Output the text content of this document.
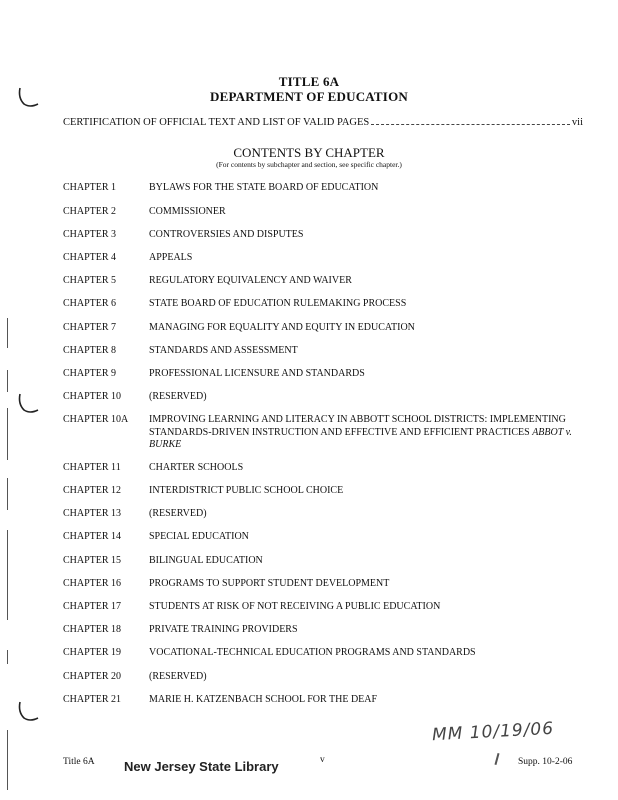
TITLE 6A
DEPARTMENT OF EDUCATION
CERTIFICATION OF OFFICIAL TEXT AND LIST OF VALID PAGES	vii
CONTENTS BY CHAPTER
(For contents by subchapter and section, see specific chapter.)
CHAPTER 1	BYLAWS FOR THE STATE BOARD OF EDUCATION
CHAPTER 2	COMMISSIONER
CHAPTER 3	CONTROVERSIES AND DISPUTES
CHAPTER 4	APPEALS
CHAPTER 5	REGULATORY EQUIVALENCY AND WAIVER
CHAPTER 6	STATE BOARD OF EDUCATION RULEMAKING PROCESS
CHAPTER 7	MANAGING FOR EQUALITY AND EQUITY IN EDUCATION
CHAPTER 8	STANDARDS AND ASSESSMENT
CHAPTER 9	PROFESSIONAL LICENSURE AND STANDARDS
CHAPTER 10	(RESERVED)
CHAPTER 10A	IMPROVING LEARNING AND LITERACY IN ABBOTT SCHOOL DISTRICTS: IMPLEMENTING STANDARDS-DRIVEN INSTRUCTION AND EFFECTIVE AND EFFICIENT PRACTICES ABBOT v. BURKE
CHAPTER 11	CHARTER SCHOOLS
CHAPTER 12	INTERDISTRICT PUBLIC SCHOOL CHOICE
CHAPTER 13	(RESERVED)
CHAPTER 14	SPECIAL EDUCATION
CHAPTER 15	BILINGUAL EDUCATION
CHAPTER 16	PROGRAMS TO SUPPORT STUDENT DEVELOPMENT
CHAPTER 17	STUDENTS AT RISK OF NOT RECEIVING A PUBLIC EDUCATION
CHAPTER 18	PRIVATE TRAINING PROVIDERS
CHAPTER 19	VOCATIONAL-TECHNICAL EDUCATION PROGRAMS AND STANDARDS
CHAPTER 20	(RESERVED)
CHAPTER 21	MARIE H. KATZENBACH SCHOOL FOR THE DEAF
MM 10/19/06
Title 6A New Jersey State Library	v	Supp. 10-2-06
